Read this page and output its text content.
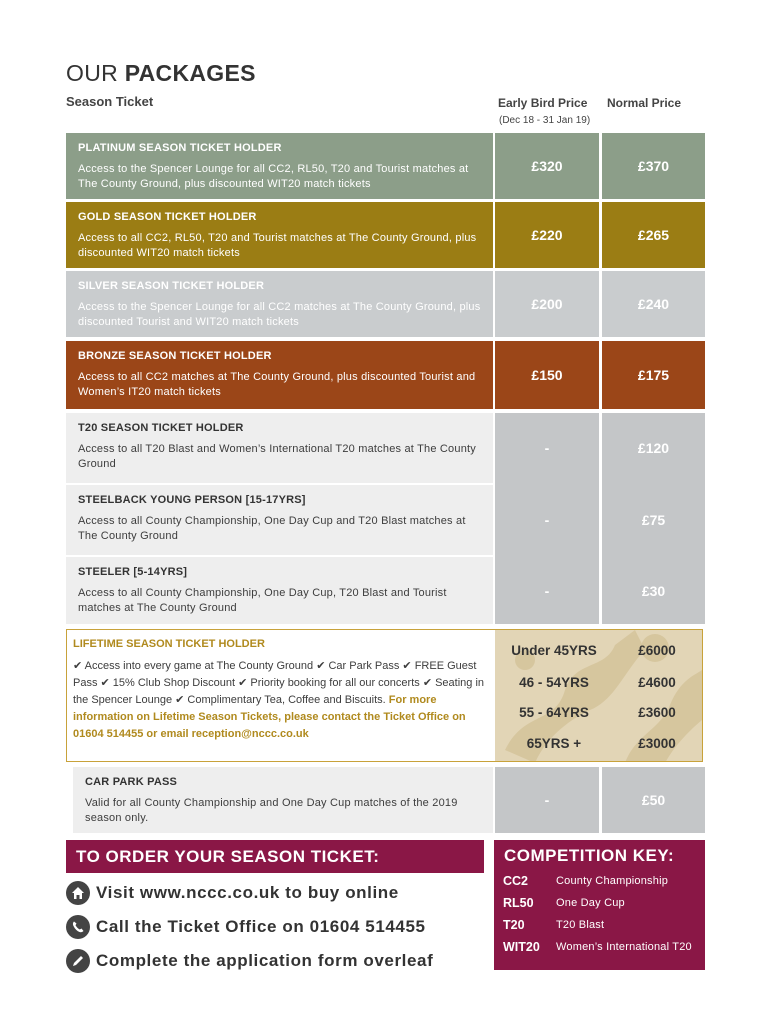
OUR PACKAGES
Season Ticket	Early Bird Price
(Dec 18 - 31 Jan 19)
Normal Price
PLATINUM SEASON TICKET HOLDER
Access to the Spencer Lounge for all CC2, RL50, T20 and Tourist matches at The County Ground, plus discounted WIT20 match tickets
£320	£370
GOLD SEASON TICKET HOLDER
Access to all CC2, RL50, T20 and Tourist matches at The County Ground, plus discounted WIT20 match tickets
£220	£265
SILVER SEASON TICKET HOLDER
Access to the Spencer Lounge for all CC2 matches at The County Ground, plus discounted Tourist and WIT20 match tickets
£200	£240
BRONZE SEASON TICKET HOLDER
Access to all CC2 matches at The County Ground, plus discounted Tourist and Women’s IT20 match tickets
£150	£175
T20 SEASON TICKET HOLDER
Access to all T20 Blast and Women’s International T20 matches at The County Ground
-	£120
STEELBACK YOUNG PERSON [15-17YRS]
Access to all County Championship, One Day Cup and T20 Blast matches at The County Ground
-	£75
STEELER [5-14YRS]
Access to all County Championship, One Day Cup, T20 Blast and Tourist matches at The County Ground
-	£30
LIFETIME SEASON TICKET HOLDER
✔ Access into every game at The County Ground ✔ Car Park Pass ✔ FREE Guest Pass ✔ 15% Club Shop Discount ✔ Priority booking for all our concerts ✔ Seating in the Spencer Lounge ✔ Complimentary Tea, Coffee and Biscuits. For more information on Lifetime Season Tickets, please contact the Ticket Office on 01604 514455 or email reception@nccc.co.uk
Under 45YRS	£6000
46 - 54YRS	£4600
55 - 64YRS	£3600
65YRS +	£3000
CAR PARK PASS
Valid for all County Championship and One Day Cup matches of the 2019 season only.
-	£50
TO ORDER YOUR SEASON TICKET:
Visit www.nccc.co.uk to buy online
Call the Ticket Office on 01604 514455
Complete the application form overleaf
COMPETITION KEY:
CC2	County Championship
RL50 One Day Cup
T20	T20 Blast
WIT20 Women’s International T20
